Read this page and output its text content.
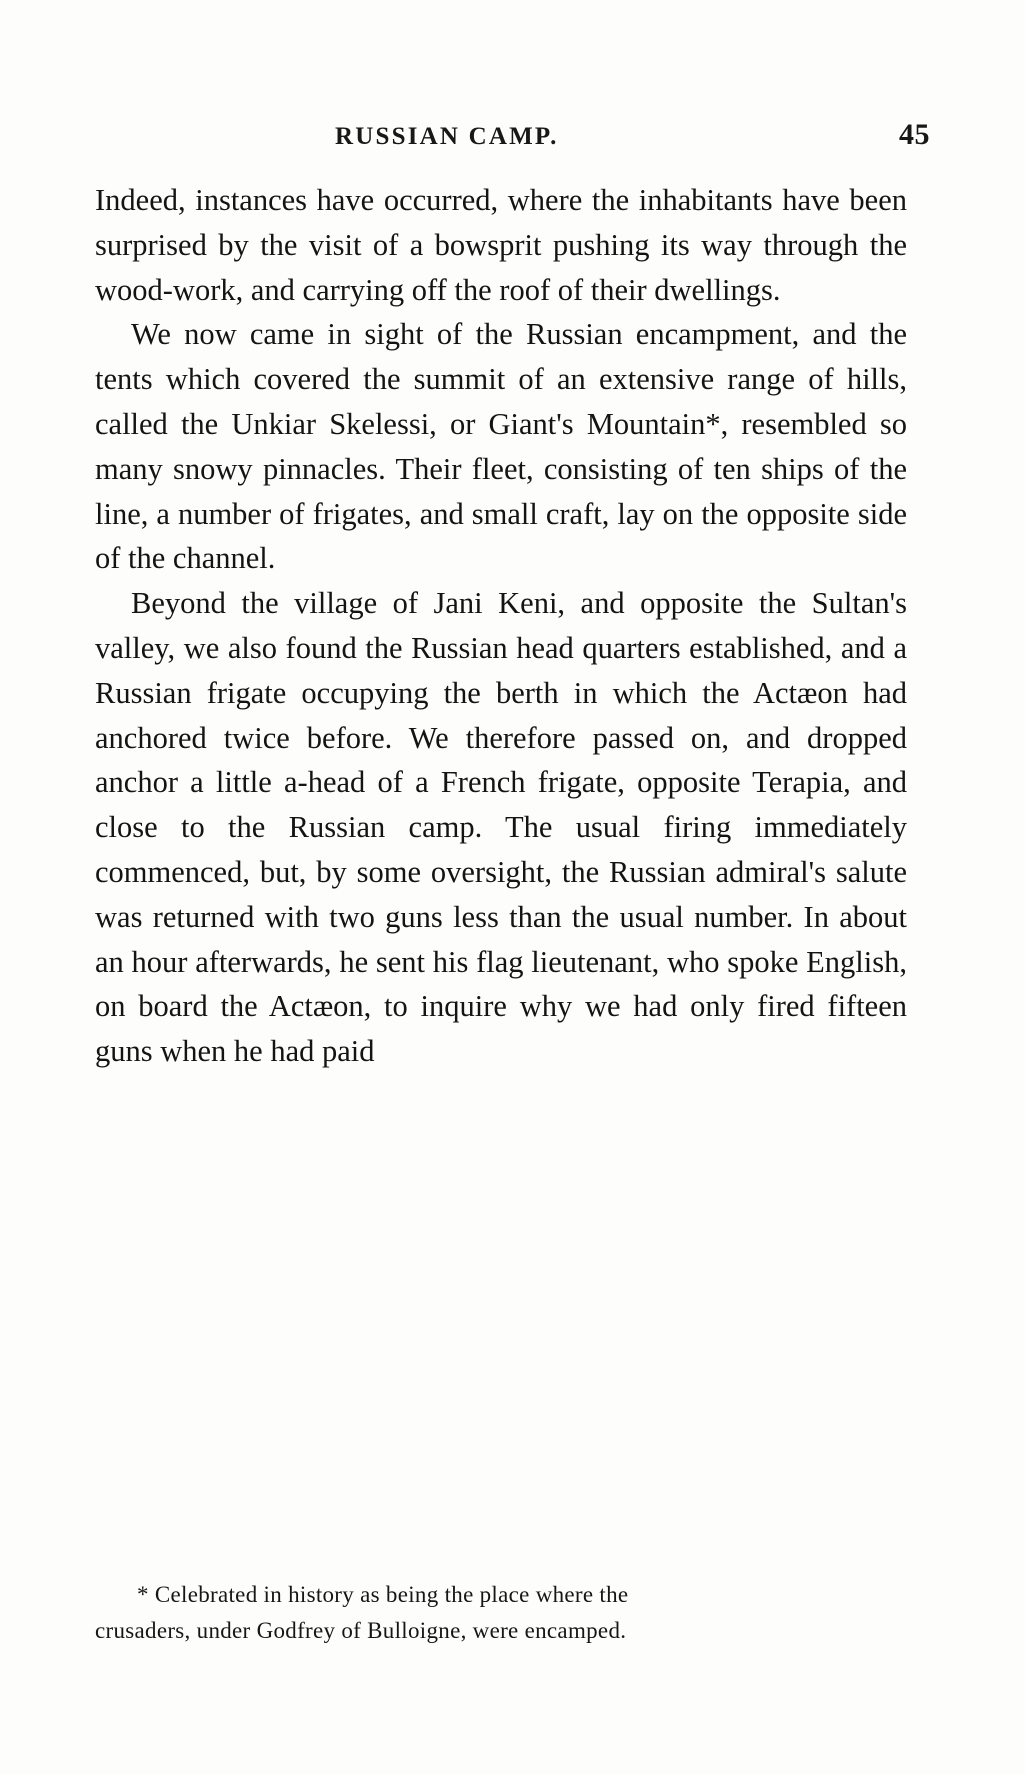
RUSSIAN CAMP.	45

Indeed, instances have occurred, where the inhabitants have been surprised by the visit of a bowsprit pushing its way through the wood-work, and carrying off the roof of their dwellings.

We now came in sight of the Russian encampment, and the tents which covered the summit of an extensive range of hills, called the Unkiar Skelessi, or Giant's Mountain*, resembled so many snowy pinnacles. Their fleet, consisting of ten ships of the line, a number of frigates, and small craft, lay on the opposite side of the channel.

Beyond the village of Jani Keni, and opposite the Sultan's valley, we also found the Russian head quarters established, and a Russian frigate occupying the berth in which the Actæon had anchored twice before. We therefore passed on, and dropped anchor a little a-head of a French frigate, opposite Terapia, and close to the Russian camp. The usual firing immediately commenced, but, by some oversight, the Russian admiral's salute was returned with two guns less than the usual number. In about an hour afterwards, he sent his flag lieutenant, who spoke English, on board the Actæon, to inquire why we had only fired fifteen guns when he had paid

* Celebrated in history as being the place where the

crusaders, under Godfrey of Bulloigne, were encamped.
